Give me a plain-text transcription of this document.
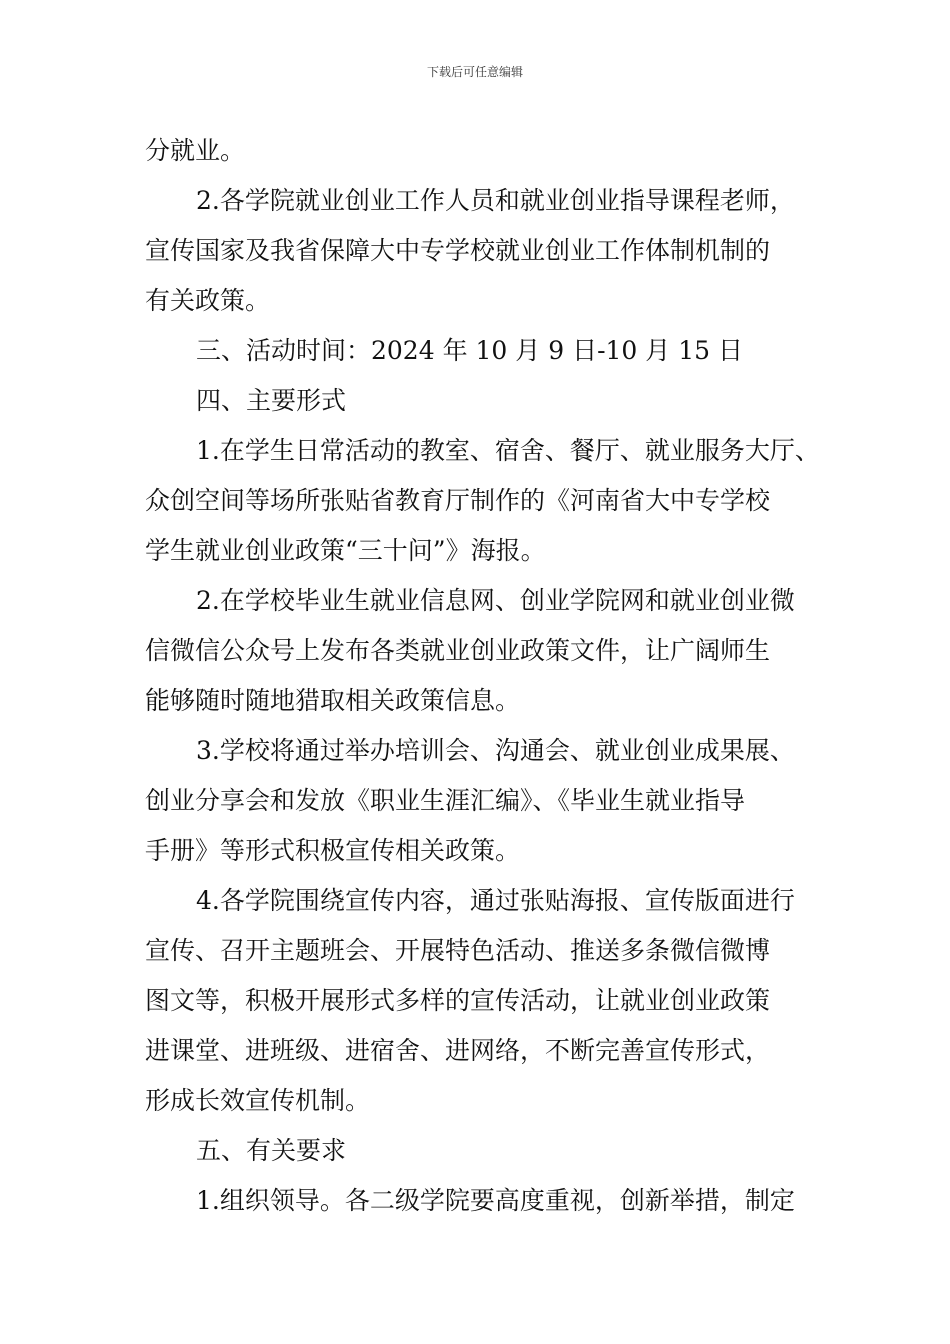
下载后可任意编辑
分就业。
2.各学院就业创业工作人员和就业创业指导课程老师，
宣传国家及我省保障大中专学校就业创业工作体制机制的
有关政策。
三、活动时间：2024 年 10 月 9 日-10 月 15 日
四、主要形式
1.在学生日常活动的教室、宿舍、餐厅、就业服务大厅、
众创空间等场所张贴省教育厅制作的《河南省大中专学校
学生就业创业政策“三十问”》海报。
2.在学校毕业生就业信息网、创业学院网和就业创业微
信微信公众号上发布各类就业创业政策文件，让广阔师生
能够随时随地猎取相关政策信息。
3.学校将通过举办培训会、沟通会、就业创业成果展、
创业分享会和发放《职业生涯汇编》、《毕业生就业指导
手册》等形式积极宣传相关政策。
4.各学院围绕宣传内容，通过张贴海报、宣传版面进行
宣传、召开主题班会、开展特色活动、推送多条微信微博
图文等，积极开展形式多样的宣传活动，让就业创业政策
进课堂、进班级、进宿舍、进网络，不断完善宣传形式，
形成长效宣传机制。
五、有关要求
1.组织领导。各二级学院要高度重视，创新举措，制定
